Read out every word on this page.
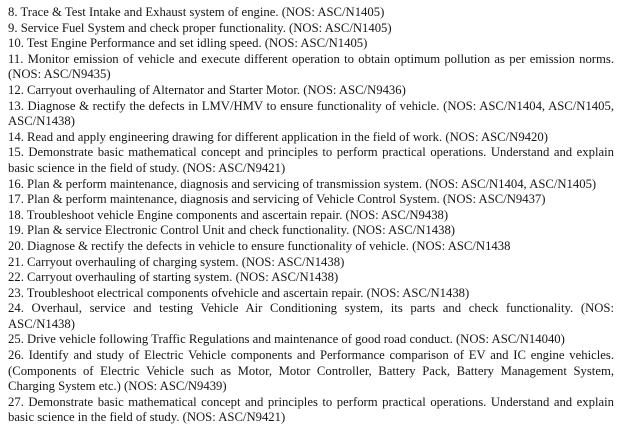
8. Trace & Test Intake and Exhaust system of engine. (NOS: ASC/N1405)

9. Service Fuel System and check proper functionality. (NOS: ASC/N1405)

10. Test Engine Performance and set idling speed. (NOS: ASC/N1405)

11. Monitor emission of vehicle and execute different operation to obtain optimum pollution as per emission norms. (NOS: ASC/N9435)

12. Carryout overhauling of Alternator and Starter Motor. (NOS: ASC/N9436)

13. Diagnose & rectify the defects in LMV/HMV to ensure functionality of vehicle. (NOS: ASC/N1404, ASC/N1405, ASC/N1438)

14. Read and apply engineering drawing for different application in the field of work. (NOS: ASC/N9420)

15. Demonstrate basic mathematical concept and principles to perform practical operations. Understand and explain basic science in the field of study. (NOS: ASC/N9421)

16. Plan & perform maintenance, diagnosis and servicing of transmission system. (NOS: ASC/N1404, ASC/N1405)

17. Plan & perform maintenance, diagnosis and servicing of Vehicle Control System. (NOS: ASC/N9437)

18. Troubleshoot vehicle Engine components and ascertain repair. (NOS: ASC/N9438)

19. Plan & service Electronic Control Unit and check functionality. (NOS: ASC/N1438)

20. Diagnose & rectify the defects in vehicle to ensure functionality of vehicle. (NOS: ASC/N1438

21. Carryout overhauling of charging system. (NOS: ASC/N1438)

22. Carryout overhauling of starting system. (NOS: ASC/N1438)

23. Troubleshoot electrical components ofvehicle and ascertain repair. (NOS: ASC/N1438)

24. Overhaul, service and testing Vehicle Air Conditioning system, its parts and check functionality. (NOS: ASC/N1438)

25. Drive vehicle following Traffic Regulations and maintenance of good road conduct. (NOS: ASC/N14040)

26. Identify and study of Electric Vehicle components and Performance comparison of EV and IC engine vehicles. (Components of Electric Vehicle such as Motor, Motor Controller, Battery Pack, Battery Management System, Charging System etc.) (NOS: ASC/N9439)

27. Demonstrate basic mathematical concept and principles to perform practical operations. Understand and explain basic science in the field of study. (NOS: ASC/N9421)
